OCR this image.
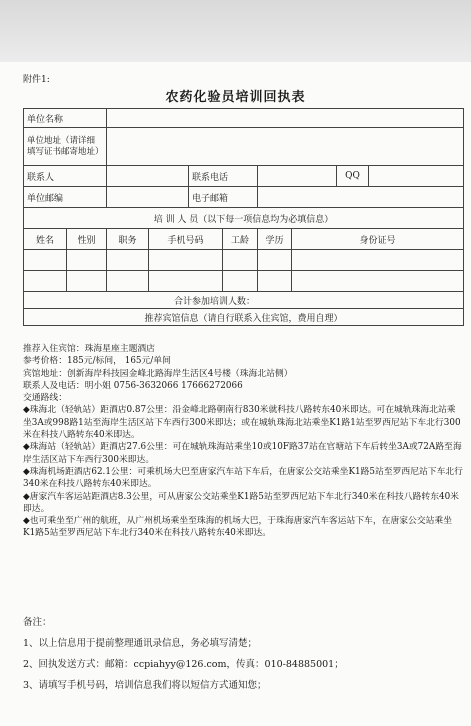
附件1:
农药化验员培训回执表
单位名称									
单位地址（请详细填写证书邮寄地址）									
联系人				联系电话				QQ	
单位邮编				电子邮箱					
培 训 人 员（以下每一项信息均为必填信息）									
姓名	性别	职务	手机号码		工龄	学历	身份证号		

合计参加培训人数：									
推荐宾馆信息（请自行联系入住宾馆，费用自理）									

推荐入住宾馆：珠海星座主题酒店

参考价格：185元/标间， 165元/单间

宾馆地址：创新海岸科技园金峰北路海岸生活区4号楼（珠海北站侧）

联系人及电话：明小姐 0756-3632066 17666272066

交通路线：

◆珠海北（轻轨站）距酒店0.87公里：沿金峰北路朝南行830米就科技八路转东40米即达。可在城轨珠海北站乘坐3A或998路1站至海岸生活区站下车西行300米即达；或在城轨珠海北站乘坐K1路1站至罗西尼站下车北行300米在科技八路转东40米即达。

◆珠海站（轻轨站）距酒店27.6公里：可在城轨珠海站乘坐10或10F路37站在官塘站下车后转坐3A或72A路至海岸生活区站下车西行300米即达。

◆珠海机场距酒店62.1公里：可乘机场大巴至唐家汽车站下车后，在唐家公交站乘坐K1路5站至罗西尼站下车北行340米在科技八路转东40米即达。

◆唐家汽车客运站距酒店8.3公里，可从唐家公交站乘坐K1路5站至罗西尼站下车北行340米在科技八路转东40米即达。

◆也可乘坐至广州的航班，从广州机场乘坐至珠海的机场大巴，于珠海唐家汽车客运站下车，在唐家公交站乘坐K1路5站至罗西尼站下车北行340米在科技八路转东40米即达。

备注：

1、以上信息用于提前整理通讯录信息，务必填写清楚；

2、回执发送方式：邮箱：ccpiahyy@126.com，传真：010-84885001；

3、请填写手机号码，培训信息我们将以短信方式通知您；
